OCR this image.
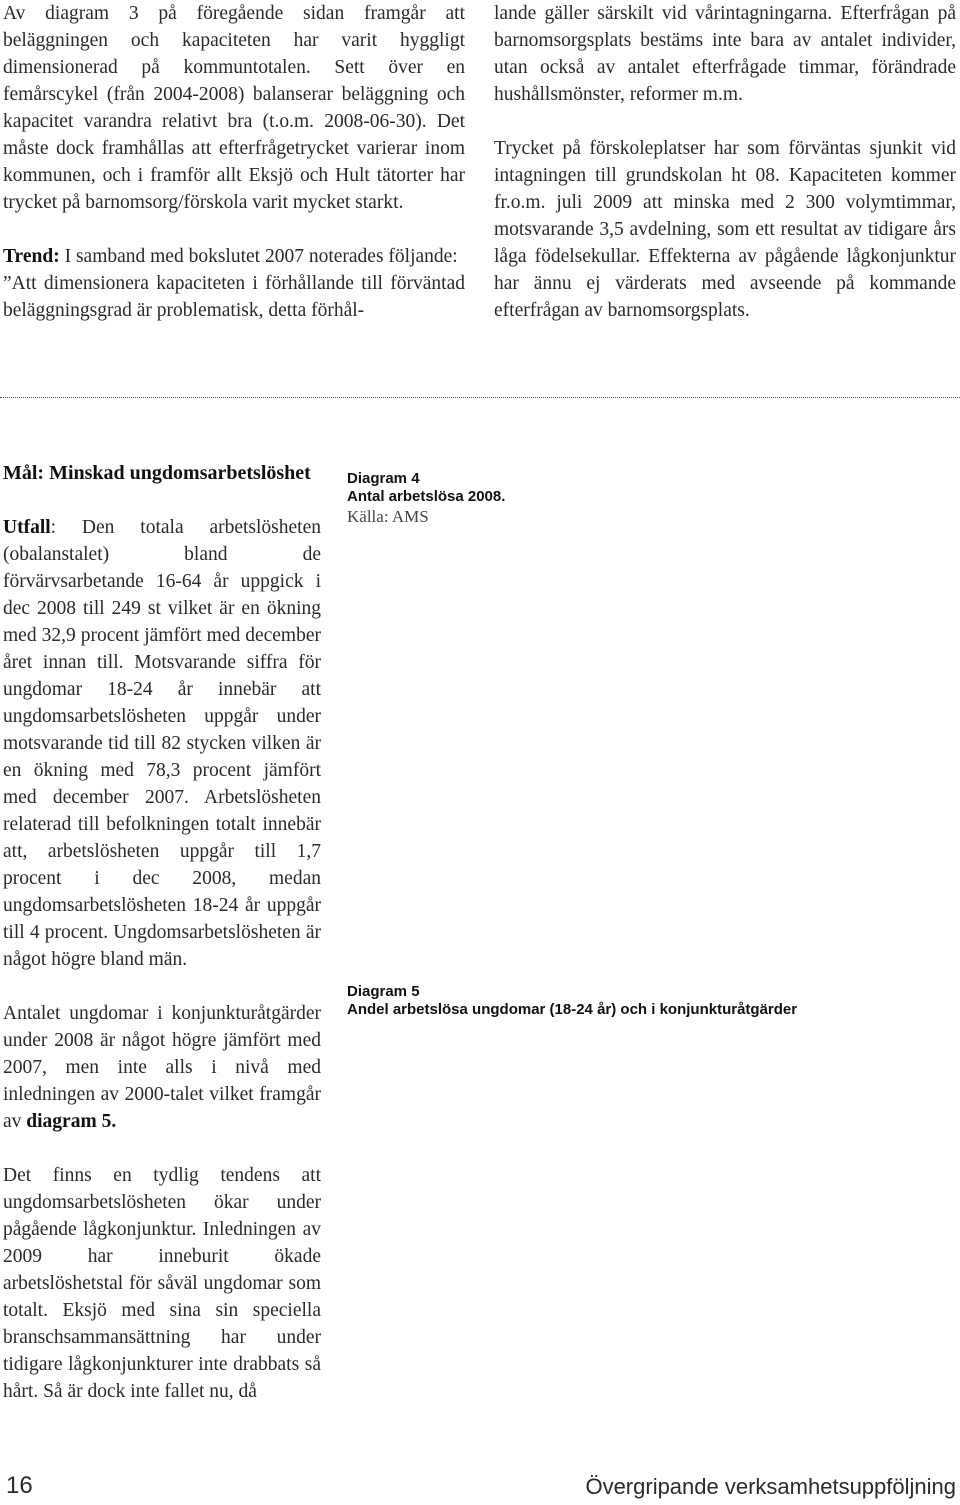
Av diagram 3 på föregående sidan framgår att beläggningen och kapaciteten har varit hyggligt dimensionerad på kommuntotalen. Sett över en femårscykel (från 2004-2008) balanserar beläggning och kapacitet varandra relativt bra (t.o.m. 2008-06-30). Det måste dock framhållas att efterfrågetrycket varierar inom kommunen, och i framför allt Eksjö och Hult tätorter har trycket på barnomsorg/förskola varit mycket starkt.

Trend: I samband med bokslutet 2007 noterades följande:

”Att dimensionera kapaciteten i förhållande till förväntad beläggningsgrad är problematisk, detta förhål-

lande gäller särskilt vid vårintagningarna. Efterfrågan på barnomsorgsplats bestäms inte bara av antalet individer, utan också av antalet efterfrågade timmar, förändrade hushållsmönster, reformer m.m.

Trycket på förskoleplatser har som förväntas sjunkit vid intagningen till grundskolan ht 08. Kapaciteten kommer fr.o.m. juli 2009 att minska med 2 300 volymtimmar, motsvarande 3,5 avdelning, som ett resultat av tidigare års låga födelsekullar. Effekterna av pågående lågkonjunktur har ännu ej värderats med avseende på kommande efterfrågan av barnomsorgsplats.

Mål: Minskad ungdomsarbetslöshet

Utfall: Den totala arbetslösheten (obalanstalet) bland de förvärvsarbetande 16-64 år uppgick i dec 2008 till 249 st vilket är en ökning med 32,9 procent jämfört med december året innan till. Motsvarande siffra för ungdomar 18-24 år innebär att ungdomsarbetslösheten uppgår under motsvarande tid till 82 stycken vilken är en ökning med 78,3 procent jämfört med december 2007. Arbetslösheten relaterad till befolkningen totalt innebär att, arbetslösheten uppgår till 1,7 procent i dec 2008, medan ungdomsarbetslösheten 18-24 år uppgår till 4 procent. Ungdomsarbetslösheten är något högre bland män.

Antalet ungdomar i konjunkturåtgärder under 2008 är något högre jämfört med 2007, men inte alls i nivå med inledningen av 2000-talet vilket framgår av diagram 5.

Det finns en tydlig tendens att ungdomsarbetslösheten ökar under pågående lågkonjunktur. Inledningen av 2009 har inneburit ökade arbetslöshetstal för såväl ungdomar som totalt. Eksjö med sina sin speciella branschsammansättning har under tidigare lågkonjunkturer inte drabbats så hårt. Så är dock inte fallet nu, då

Diagram 4
Antal arbetslösa 2008.
Källa: AMS
Diagram 5
Andel arbetslösa ungdomar (18-24 år) och i konjunkturåtgärder
16	Övergripande verksamhetsuppföljning
